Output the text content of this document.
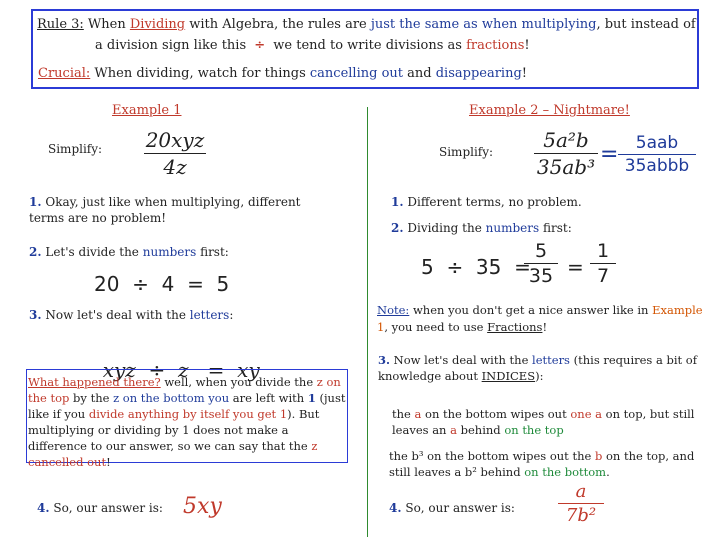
Rule 3: When Dividing with Algebra, the rules are just the same as when multiplying, but instead of
a division sign like this ÷ we tend to write divisions as fractions!
Crucial: When dividing, watch for things cancelling out and disappearing!
Example 1
Simplify: 20xyz
4z
1. Okay, just like when multiplying, different terms are no problem!
2. Let's divide the numbers first:
20  ÷  4  =  5
3. Now let's deal with the letters:

xyz  ÷  z =  xy

What happened there? well, when you divide the z on the top by the z on the bottom you are left with 1 (just like if you divide anything by itself you get 1). But multiplying or dividing by 1 does not make a difference to our answer, so we can say that the z cancelled out!
4. So, our answer is: 5xy
Example 2 – Nightmare!
Simplify:	5a²b
35ab³ =	5aab
35abbb
1. Different terms, no problem.
2. Dividing the numbers first:
5  ÷  35  =
5
35 =
1
7
Note: when you don't get a nice answer like in Example 1, you need to use Fractions!
3. Now let's deal with the letters (this requires a bit of knowledge about INDICES):
the a on the bottom wipes out one a on top, but still leaves an a behind on the top
the b³ on the bottom wipes out the b on the top, and still leaves a b² behind on the bottom.
4. So, our answer is:
a
7b²
